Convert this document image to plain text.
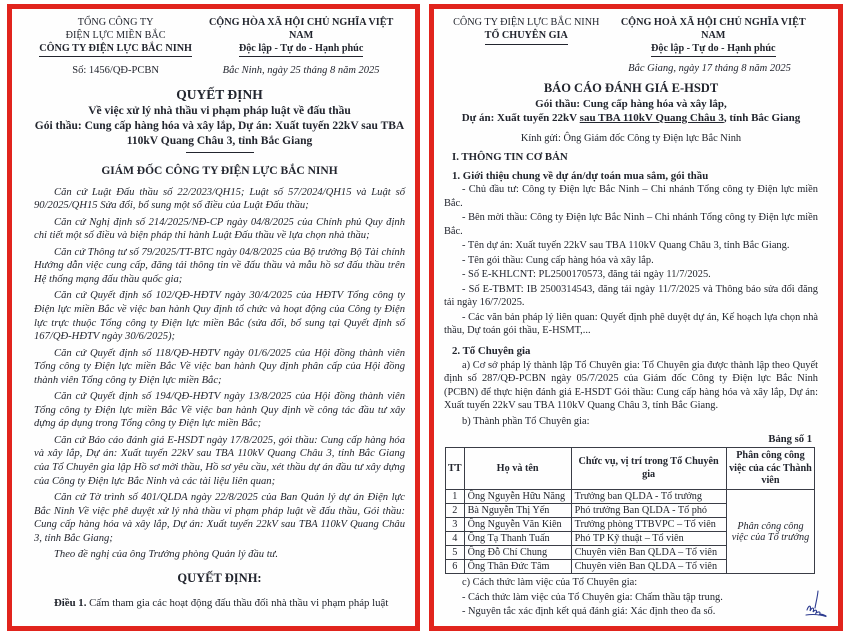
TỔNG CÔNG TY
ĐIỆN LỰC MIỀN BẮC
CÔNG TY ĐIỆN LỰC BẮC NINH
CỘNG HÒA XÃ HỘI CHỦ NGHĨA VIỆT NAM
Độc lập - Tự do - Hạnh phúc
Số: 1456/QĐ-PCBN	Bắc Ninh, ngày 25 tháng 8 năm 2025
QUYẾT ĐỊNH
Về việc xử lý nhà thầu vi phạm pháp luật về đấu thầu
Gói thầu: Cung cấp hàng hóa và xây lắp, Dự án: Xuất tuyến 22kV sau TBA 110kV Quang Châu 3, tỉnh Bắc Giang
GIÁM ĐỐC CÔNG TY ĐIỆN LỰC BẮC NINH

Căn cứ Luật Đấu thầu số 22/2023/QH15; Luật số 57/2024/QH15 và Luật số 90/2025/QH15 Sửa đổi, bổ sung một số điều của Luật Đấu thầu;

Căn cứ Nghị định số 214/2025/NĐ-CP ngày 04/8/2025 của Chính phủ Quy định chi tiết một số điều và biện pháp thi hành Luật Đấu thầu về lựa chọn nhà thầu;

Căn cứ Thông tư số 79/2025/TT-BTC ngày 04/8/2025 của Bộ trưởng Bộ Tài chính Hướng dẫn việc cung cấp, đăng tải thông tin về đấu thầu và mẫu hồ sơ đấu thầu trên Hệ thống mạng đấu thầu quốc gia;

Căn cứ Quyết định số 102/QĐ-HĐTV ngày 30/4/2025 của HĐTV Tổng công ty Điện lực miền Bắc về việc ban hành Quy định tổ chức và hoạt động của Công ty Điện lực trực thuộc Tổng công ty Điện lực miền Bắc (sửa đổi, bổ sung tại Quyết định số 167/QĐ-HĐTV ngày 30/6/2025);

Căn cứ Quyết định số 118/QĐ-HĐTV ngày 01/6/2025 của Hội đồng thành viên Tổng công ty Điện lực miền Bắc Về việc ban hành Quy định phân cấp của Hội đồng thành viên Tổng công ty Điện lực miền Bắc;

Căn cứ Quyết định số 194/QĐ-HĐTV ngày 13/8/2025 của Hội đồng thành viên Tổng công ty Điện lực miền Bắc Về việc ban hành Quy định về công tác đầu tư xây dựng áp dụng trong Tổng công ty Điện lực miền Bắc;

Căn cứ Báo cáo đánh giá E-HSDT ngày 17/8/2025, gói thầu: Cung cấp hàng hóa và xây lắp, Dự án: Xuất tuyến 22kV sau TBA 110kV Quang Châu 3, tỉnh Bắc Giang của Tổ Chuyên gia lập Hồ sơ mời thầu, Hồ sơ yêu cầu, xét thầu dự án đầu tư xây dựng của Công ty Điện lực Bắc Ninh và các tài liệu liên quan;

Căn cứ Tờ trình số 401/QLDA ngày 22/8/2025 của Ban Quản lý dự án Điện lực Bắc Ninh Về việc phê duyệt xử lý nhà thầu vi phạm pháp luật về đấu thầu, Gói thầu: Cung cấp hàng hóa và xây lắp, Dự án: Xuất tuyến 22kV sau TBA 110kV Quang Châu 3, tỉnh Bắc Giang;

Theo đề nghị của ông Trưởng phòng Quản lý đầu tư.

QUYẾT ĐỊNH:

Điều 1. Cấm tham gia các hoạt động đấu thầu đối nhà thầu vi phạm pháp luật

CÔNG TY ĐIỆN LỰC BẮC NINH
TỔ CHUYÊN GIA
CỘNG HOÀ XÃ HỘI CHỦ NGHĨA VIỆT NAM
Độc lập - Tự do - Hạnh phúc
Bắc Giang, ngày 17 tháng 8 năm 2025
BÁO CÁO ĐÁNH GIÁ E-HSDT
Gói thầu: Cung cấp hàng hóa và xây lắp,
Dự án: Xuất tuyến 22kV sau TBA 110kV Quang Châu 3, tỉnh Bắc Giang
Kính gửi: Ông Giám đốc Công ty Điện lực Bắc Ninh
I. THÔNG TIN CƠ BẢN
1. Giới thiệu chung về dự án/dự toán mua sắm, gói thầu

- Chủ đầu tư: Công ty Điện lực Bắc Ninh – Chi nhánh Tổng công ty Điện lực miền Bắc.

- Bên mời thầu: Công ty Điện lực Bắc Ninh – Chi nhánh Tổng công ty Điện lực miền Bắc.

- Tên dự án: Xuất tuyến 22kV sau TBA 110kV Quang Châu 3, tỉnh Bắc Giang.

- Tên gói thầu: Cung cấp hàng hóa và xây lắp.

- Số E-KHLCNT: PL2500170573, đăng tải ngày 11/7/2025.

- Số E-TBMT: IB 2500314543, đăng tải ngày 11/7/2025 và Thông báo sửa đổi đăng tải ngày 16/7/2025.

- Các văn bản pháp lý liên quan: Quyết định phê duyệt dự án, Kế hoạch lựa chọn nhà thầu, Dự toán gói thầu, E-HSMT,...

2. Tổ Chuyên gia

a) Cơ sở pháp lý thành lập Tổ Chuyên gia: Tổ Chuyên gia được thành lập theo Quyết định số 287/QĐ-PCBN ngày 05/7/2025 của Giám đốc Công ty Điện lực Bắc Ninh (PCBN) để thực hiện đánh giá E-HSDT Gói thầu: Cung cấp hàng hóa và xây lắp, Dự án: Xuất tuyến 22kV sau TBA 110kV Quang Châu 3, tỉnh Bắc Giang.

b) Thành phần Tổ Chuyên gia:

Bảng số 1
TT	Họ và tên	Chức vụ, vị trí trong Tổ Chuyên gia	Phân công công việc của các Thành viên
1	Ông Nguyễn Hữu Năng	Trưởng ban QLDA - Tổ trưởng	Phân công công việc của Tổ trưởng
2	Bà Nguyễn Thị Yến	Phó trưởng Ban QLDA - Tổ phó	
3	Ông Nguyễn Văn Kiên	Trưởng phòng TTBVPC – Tổ viên	
4	Ông Tạ Thanh Tuấn	Phó TP Kỹ thuật – Tổ viên	
5	Ông Đỗ Chí Chung	Chuyên viên Ban QLDA – Tổ viên	
6	Ông Thân Đức Tâm	Chuyên viên Ban QLDA – Tổ viên	

c) Cách thức làm việc của Tổ Chuyên gia:

- Cách thức làm việc của Tổ Chuyên gia: Chấm thầu tập trung.

- Nguyên tắc xác định kết quả đánh giá: Xác định theo đa số.
